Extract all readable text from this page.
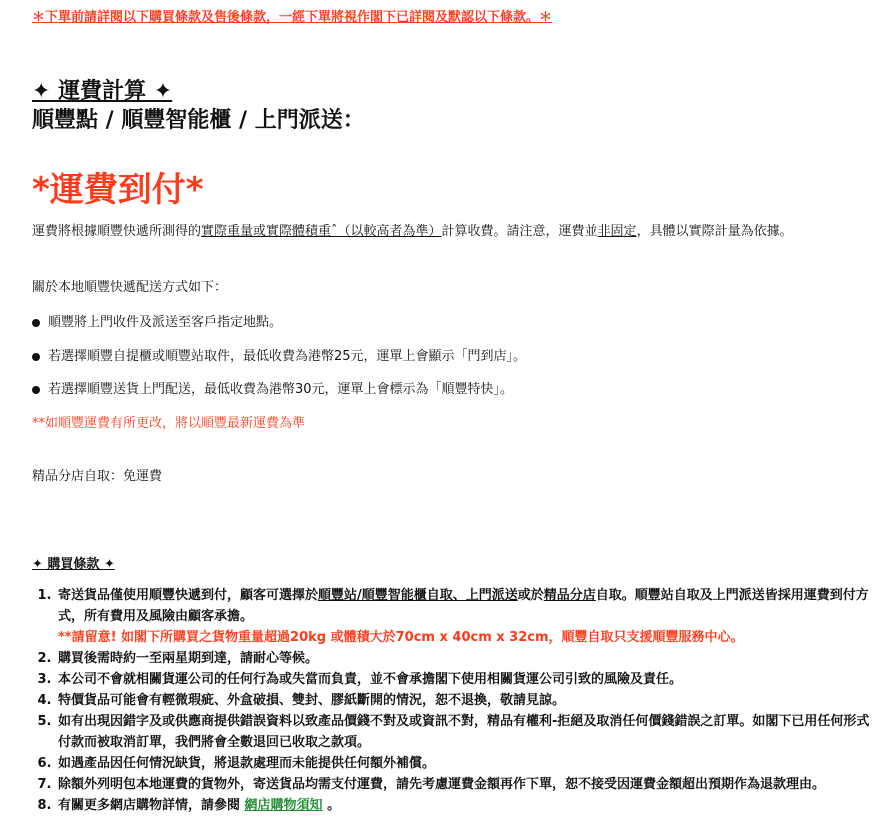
＊下單前請詳閱以下購買條款及售後條款，一經下單將視作閣下已詳閱及默認以下條款。＊
✦ 運費計算 ✦
順豐點 / 順豐智能櫃 / 上門派送：
*運費到付*
運費將根據順豐快遞所測得的實際重量或實際體積重ˆ（以較高者為準）計算收費。請注意，運費並非固定，具體以實際計量為依據。
關於本地順豐快遞配送方式如下：
順豐將上門收件及派送至客戶指定地點。
若選擇順豐自提櫃或順豐站取件，最低收費為港幣25元，運單上會顯示「門到店」。
若選擇順豐送貨上門配送，最低收費為港幣30元，運單上會標示為「順豐特快」。
**如順豐運費有所更改，將以順豐最新運費為準
精品分店自取：免運費
✦ 購買條款 ✦
1. 寄送貨品僅使用順豐快遞到付，顧客可選擇於順豐站/順豐智能櫃自取、上門派送或於精品分店自取。順豐站自取及上門派送皆採用運費到付方式，所有費用及風險由顧客承擔。
**請留意! 如閣下所購買之貨物重量超過20kg 或體積大於70cm x 40cm x 32cm，順豐自取只支援順豐服務中心。
2. 購買後需時約一至兩星期到達，請耐心等候。
3. 本公司不會就相關貨運公司的任何行為或失當而負責，並不會承擔閣下使用相關貨運公司引致的風險及責任。
4. 特價貨品可能會有輕微瑕疵、外盒破損、雙封、膠紙斷開的情況，恕不退換，敬請見諒。
5. 如有出現因錯字及或供應商提供錯誤資料以致產品價錢不對及或資訊不對，精品有權利-拒絕及取消任何價錢錯誤之訂單。如閣下已用任何形式付款而被取消訂單，我們將會全數退回已收取之款項。
6. 如遇產品因任何情況缺貨，將退款處理而未能提供任何額外補償。
7. 除額外列明包本地運費的貨物外，寄送貨品均需支付運費，請先考慮運費金額再作下單，恕不接受因運費金額超出預期作為退款理由。
8. 有關更多網店購物詳情，請參閱 網店購物須知 。
